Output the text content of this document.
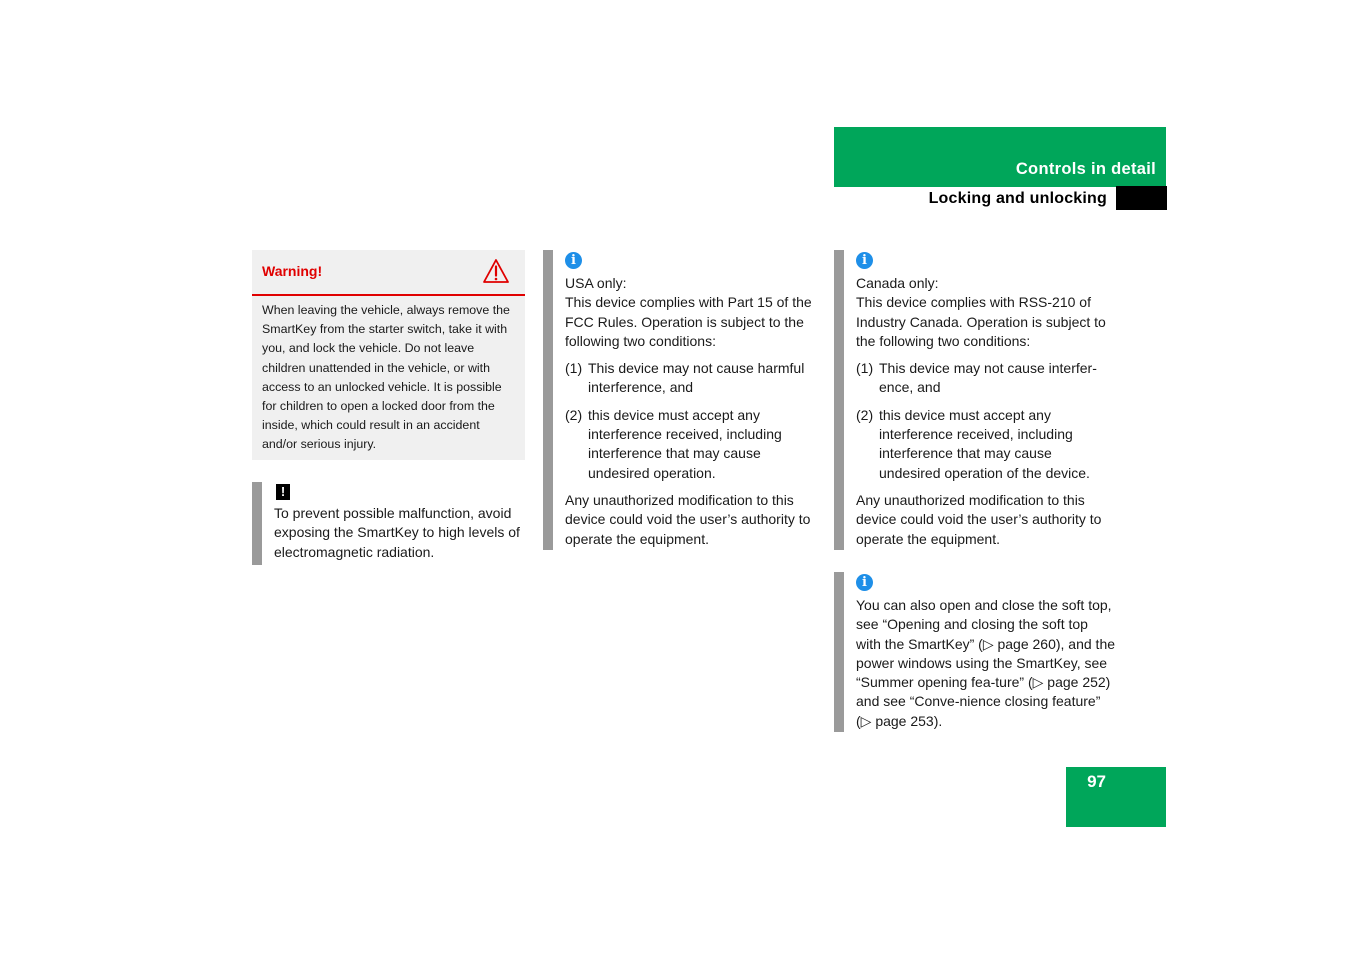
Controls in detail
Locking and unlocking
Warning!
When leaving the vehicle, always remove the SmartKey from the starter switch, take it with you, and lock the vehicle. Do not leave children unattended in the vehicle, or with access to an unlocked vehicle. It is possible for children to open a locked door from the inside, which could result in an accident and/or serious injury.
!

To prevent possible malfunction, avoid exposing the SmartKey to high levels of electromagnetic radiation.

i

USA only:

This device complies with Part 15 of the FCC Rules. Operation is subject to the following two conditions:

(1) This device may not cause harmful interference, and
(2) this device must accept any interference received, including interference that may cause undesired operation.

Any unauthorized modification to this device could void the user’s authority to operate the equipment.

i

Canada only:

This device complies with RSS-210 of Industry Canada. Operation is subject to the following two conditions:

(1) This device may not cause interfer-ence, and
(2) this device must accept any interference received, including interference that may cause undesired operation of the device.

Any unauthorized modification to this device could void the user’s authority to operate the equipment.

i

You can also open and close the soft top, see “Opening and closing the soft top with the SmartKey” (▷ page 260), and the power windows using the SmartKey, see “Summer opening fea-ture” (▷ page 252) and see “Conve-nience closing feature” (▷ page 253).

97
